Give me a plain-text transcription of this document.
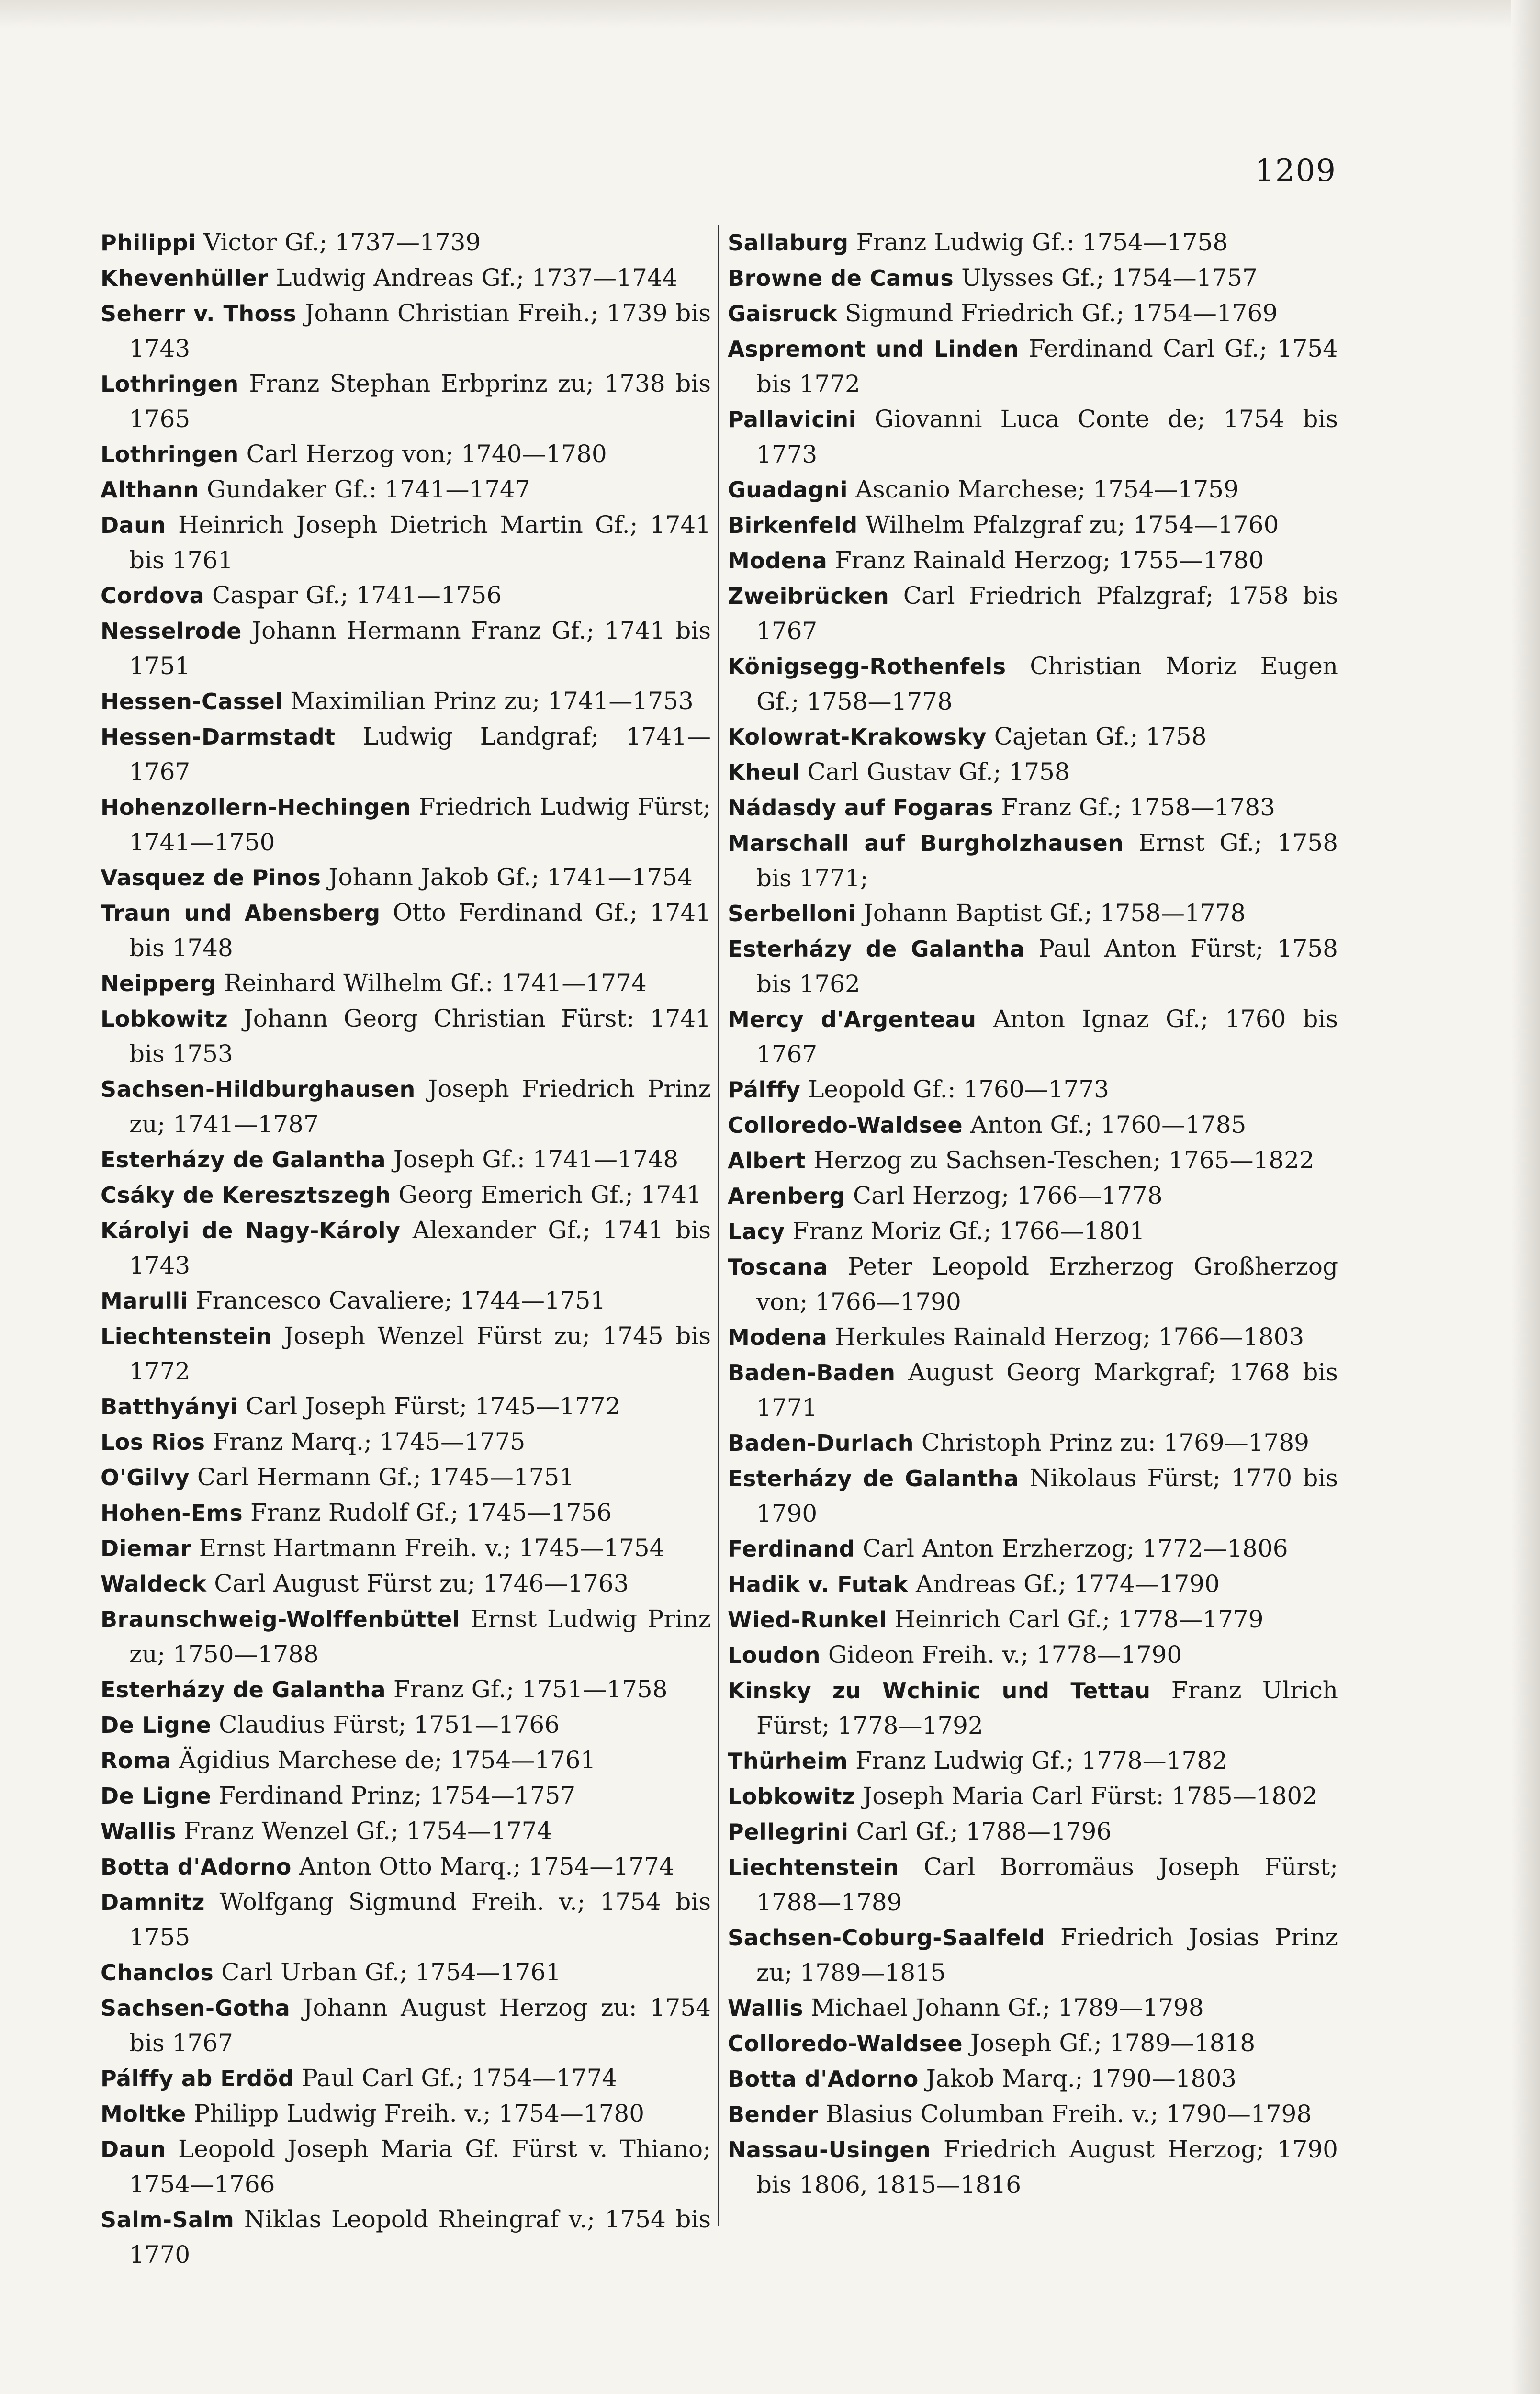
1209
Philippi Victor Gf.; 1737—1739
Khevenhüller Ludwig Andreas Gf.; 1737—1744
Seherr v. Thoss Johann Christian Freih.; 1739 bis 1743
Lothringen Franz Stephan Erbprinz zu; 1738 bis 1765
Lothringen Carl Herzog von; 1740—1780
Althann Gundaker Gf.: 1741—1747
Daun Heinrich Joseph Dietrich Martin Gf.; 1741 bis 1761
Cordova Caspar Gf.; 1741—1756
Nesselrode Johann Hermann Franz Gf.; 1741 bis 1751
Hessen-Cassel Maximilian Prinz zu; 1741—1753
Hessen-Darmstadt Ludwig Landgraf; 1741—1767
Hohenzollern-Hechingen Friedrich Ludwig Fürst; 1741—1750
Vasquez de Pinos Johann Jakob Gf.; 1741—1754
Traun und Abensberg Otto Ferdinand Gf.; 1741 bis 1748
Neipperg Reinhard Wilhelm Gf.: 1741—1774
Lobkowitz Johann Georg Christian Fürst: 1741 bis 1753
Sachsen-Hildburghausen Joseph Friedrich Prinz zu; 1741—1787
Esterházy de Galantha Joseph Gf.: 1741—1748
Csáky de Keresztszegh Georg Emerich Gf.; 1741
Károlyi de Nagy-Károly Alexander Gf.; 1741 bis 1743
Marulli Francesco Cavaliere; 1744—1751
Liechtenstein Joseph Wenzel Fürst zu; 1745 bis 1772
Batthyányi Carl Joseph Fürst; 1745—1772
Los Rios Franz Marq.; 1745—1775
O'Gilvy Carl Hermann Gf.; 1745—1751
Hohen-Ems Franz Rudolf Gf.; 1745—1756
Diemar Ernst Hartmann Freih. v.; 1745—1754
Waldeck Carl August Fürst zu; 1746—1763
Braunschweig-Wolffenbüttel Ernst Ludwig Prinz zu; 1750—1788
Esterházy de Galantha Franz Gf.; 1751—1758
De Ligne Claudius Fürst; 1751—1766
Roma Ägidius Marchese de; 1754—1761
De Ligne Ferdinand Prinz; 1754—1757
Wallis Franz Wenzel Gf.; 1754—1774
Botta d'Adorno Anton Otto Marq.; 1754—1774
Damnitz Wolfgang Sigmund Freih. v.; 1754 bis 1755
Chanclos Carl Urban Gf.; 1754—1761
Sachsen-Gotha Johann August Herzog zu: 1754 bis 1767
Pálffy ab Erdöd Paul Carl Gf.; 1754—1774
Moltke Philipp Ludwig Freih. v.; 1754—1780
Daun Leopold Joseph Maria Gf. Fürst v. Thiano; 1754—1766
Salm-Salm Niklas Leopold Rheingraf v.; 1754 bis 1770
Sallaburg Franz Ludwig Gf.: 1754—1758
Browne de Camus Ulysses Gf.; 1754—1757
Gaisruck Sigmund Friedrich Gf.; 1754—1769
Aspremont und Linden Ferdinand Carl Gf.; 1754 bis 1772
Pallavicini Giovanni Luca Conte de; 1754 bis 1773
Guadagni Ascanio Marchese; 1754—1759
Birkenfeld Wilhelm Pfalzgraf zu; 1754—1760
Modena Franz Rainald Herzog; 1755—1780
Zweibrücken Carl Friedrich Pfalzgraf; 1758 bis 1767
Königsegg-Rothenfels Christian Moriz Eugen Gf.; 1758—1778
Kolowrat-Krakowsky Cajetan Gf.; 1758
Kheul Carl Gustav Gf.; 1758
Nádasdy auf Fogaras Franz Gf.; 1758—1783
Marschall auf Burgholzhausen Ernst Gf.; 1758 bis 1771;
Serbelloni Johann Baptist Gf.; 1758—1778
Esterházy de Galantha Paul Anton Fürst; 1758 bis 1762
Mercy d'Argenteau Anton Ignaz Gf.; 1760 bis 1767
Pálffy Leopold Gf.: 1760—1773
Colloredo-Waldsee Anton Gf.; 1760—1785
Albert Herzog zu Sachsen-Teschen; 1765—1822
Arenberg Carl Herzog; 1766—1778
Lacy Franz Moriz Gf.; 1766—1801
Toscana Peter Leopold Erzherzog Großherzog von; 1766—1790
Modena Herkules Rainald Herzog; 1766—1803
Baden-Baden August Georg Markgraf; 1768 bis 1771
Baden-Durlach Christoph Prinz zu: 1769—1789
Esterházy de Galantha Nikolaus Fürst; 1770 bis 1790
Ferdinand Carl Anton Erzherzog; 1772—1806
Hadik v. Futak Andreas Gf.; 1774—1790
Wied-Runkel Heinrich Carl Gf.; 1778—1779
Loudon Gideon Freih. v.; 1778—1790
Kinsky zu Wchinic und Tettau Franz Ulrich Fürst; 1778—1792
Thürheim Franz Ludwig Gf.; 1778—1782
Lobkowitz Joseph Maria Carl Fürst: 1785—1802
Pellegrini Carl Gf.; 1788—1796
Liechtenstein Carl Borromäus Joseph Fürst; 1788—1789
Sachsen-Coburg-Saalfeld Friedrich Josias Prinz zu; 1789—1815
Wallis Michael Johann Gf.; 1789—1798
Colloredo-Waldsee Joseph Gf.; 1789—1818
Botta d'Adorno Jakob Marq.; 1790—1803
Bender Blasius Columban Freih. v.; 1790—1798
Nassau-Usingen Friedrich August Herzog; 1790 bis 1806, 1815—1816
